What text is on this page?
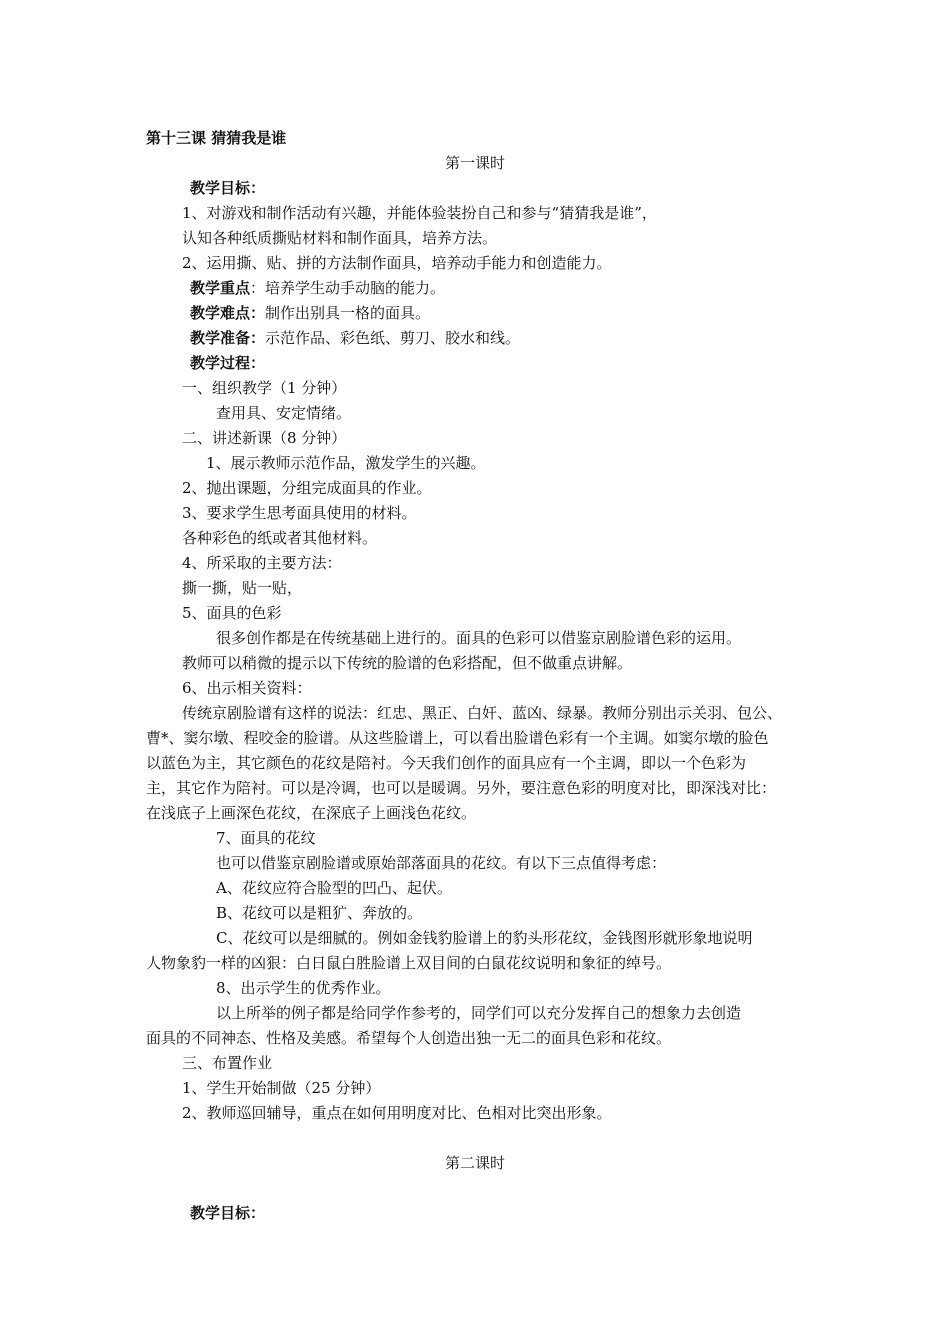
第十三课 猜猜我是谁
第一课时
教学目标：
1、对游戏和制作活动有兴趣，并能体验装扮自己和参与“猜猜我是谁”，
认知各种纸质撕贴材料和制作面具，培养方法。
2、运用撕、贴、拼的方法制作面具，培养动手能力和创造能力。
教学重点：培养学生动手动脑的能力。
教学难点：制作出别具一格的面具。
教学准备：示范作品、彩色纸、剪刀、胶水和线。
教学过程：
一、组织教学（1 分钟）
查用具、安定情绪。
二、讲述新课（8 分钟）
1、展示教师示范作品，激发学生的兴趣。
2、抛出课题，分组完成面具的作业。
3、要求学生思考面具使用的材料。
各种彩色的纸或者其他材料。
4、所采取的主要方法：
撕一撕，贴一贴，
5、面具的色彩
很多创作都是在传统基础上进行的。面具的色彩可以借鉴京剧脸谱色彩的运用。
教师可以稍微的提示以下传统的脸谱的色彩搭配，但不做重点讲解。
6、出示相关资料：
传统京剧脸谱有这样的说法：红忠、黑正、白奸、蓝凶、绿暴。教师分别出示关羽、包公、
曹*、窦尔墩、程咬金的脸谱。从这些脸谱上，可以看出脸谱色彩有一个主调。如窦尔墩的脸色
以蓝色为主，其它颜色的花纹是陪衬。今天我们创作的面具应有一个主调，即以一个色彩为
主，其它作为陪衬。可以是冷调，也可以是暖调。另外，要注意色彩的明度对比，即深浅对比：
在浅底子上画深色花纹，在深底子上画浅色花纹。
7、面具的花纹
也可以借鉴京剧脸谱或原始部落面具的花纹。有以下三点值得考虑：
A、花纹应符合脸型的凹凸、起伏。
B、花纹可以是粗犷、奔放的。
C、花纹可以是细腻的。例如金钱豹脸谱上的豹头形花纹，金钱图形就形象地说明
人物象豹一样的凶狠：白日鼠白胜脸谱上双目间的白鼠花纹说明和象征的绰号。
8、出示学生的优秀作业。
以上所举的例子都是给同学作参考的，同学们可以充分发挥自己的想象力去创造
面具的不同神态、性格及美感。希望每个人创造出独一无二的面具色彩和花纹。
三、布置作业
1、学生开始制做（25 分钟）
2、教师巡回辅导，重点在如何用明度对比、色相对比突出形象。
第二课时
教学目标：
